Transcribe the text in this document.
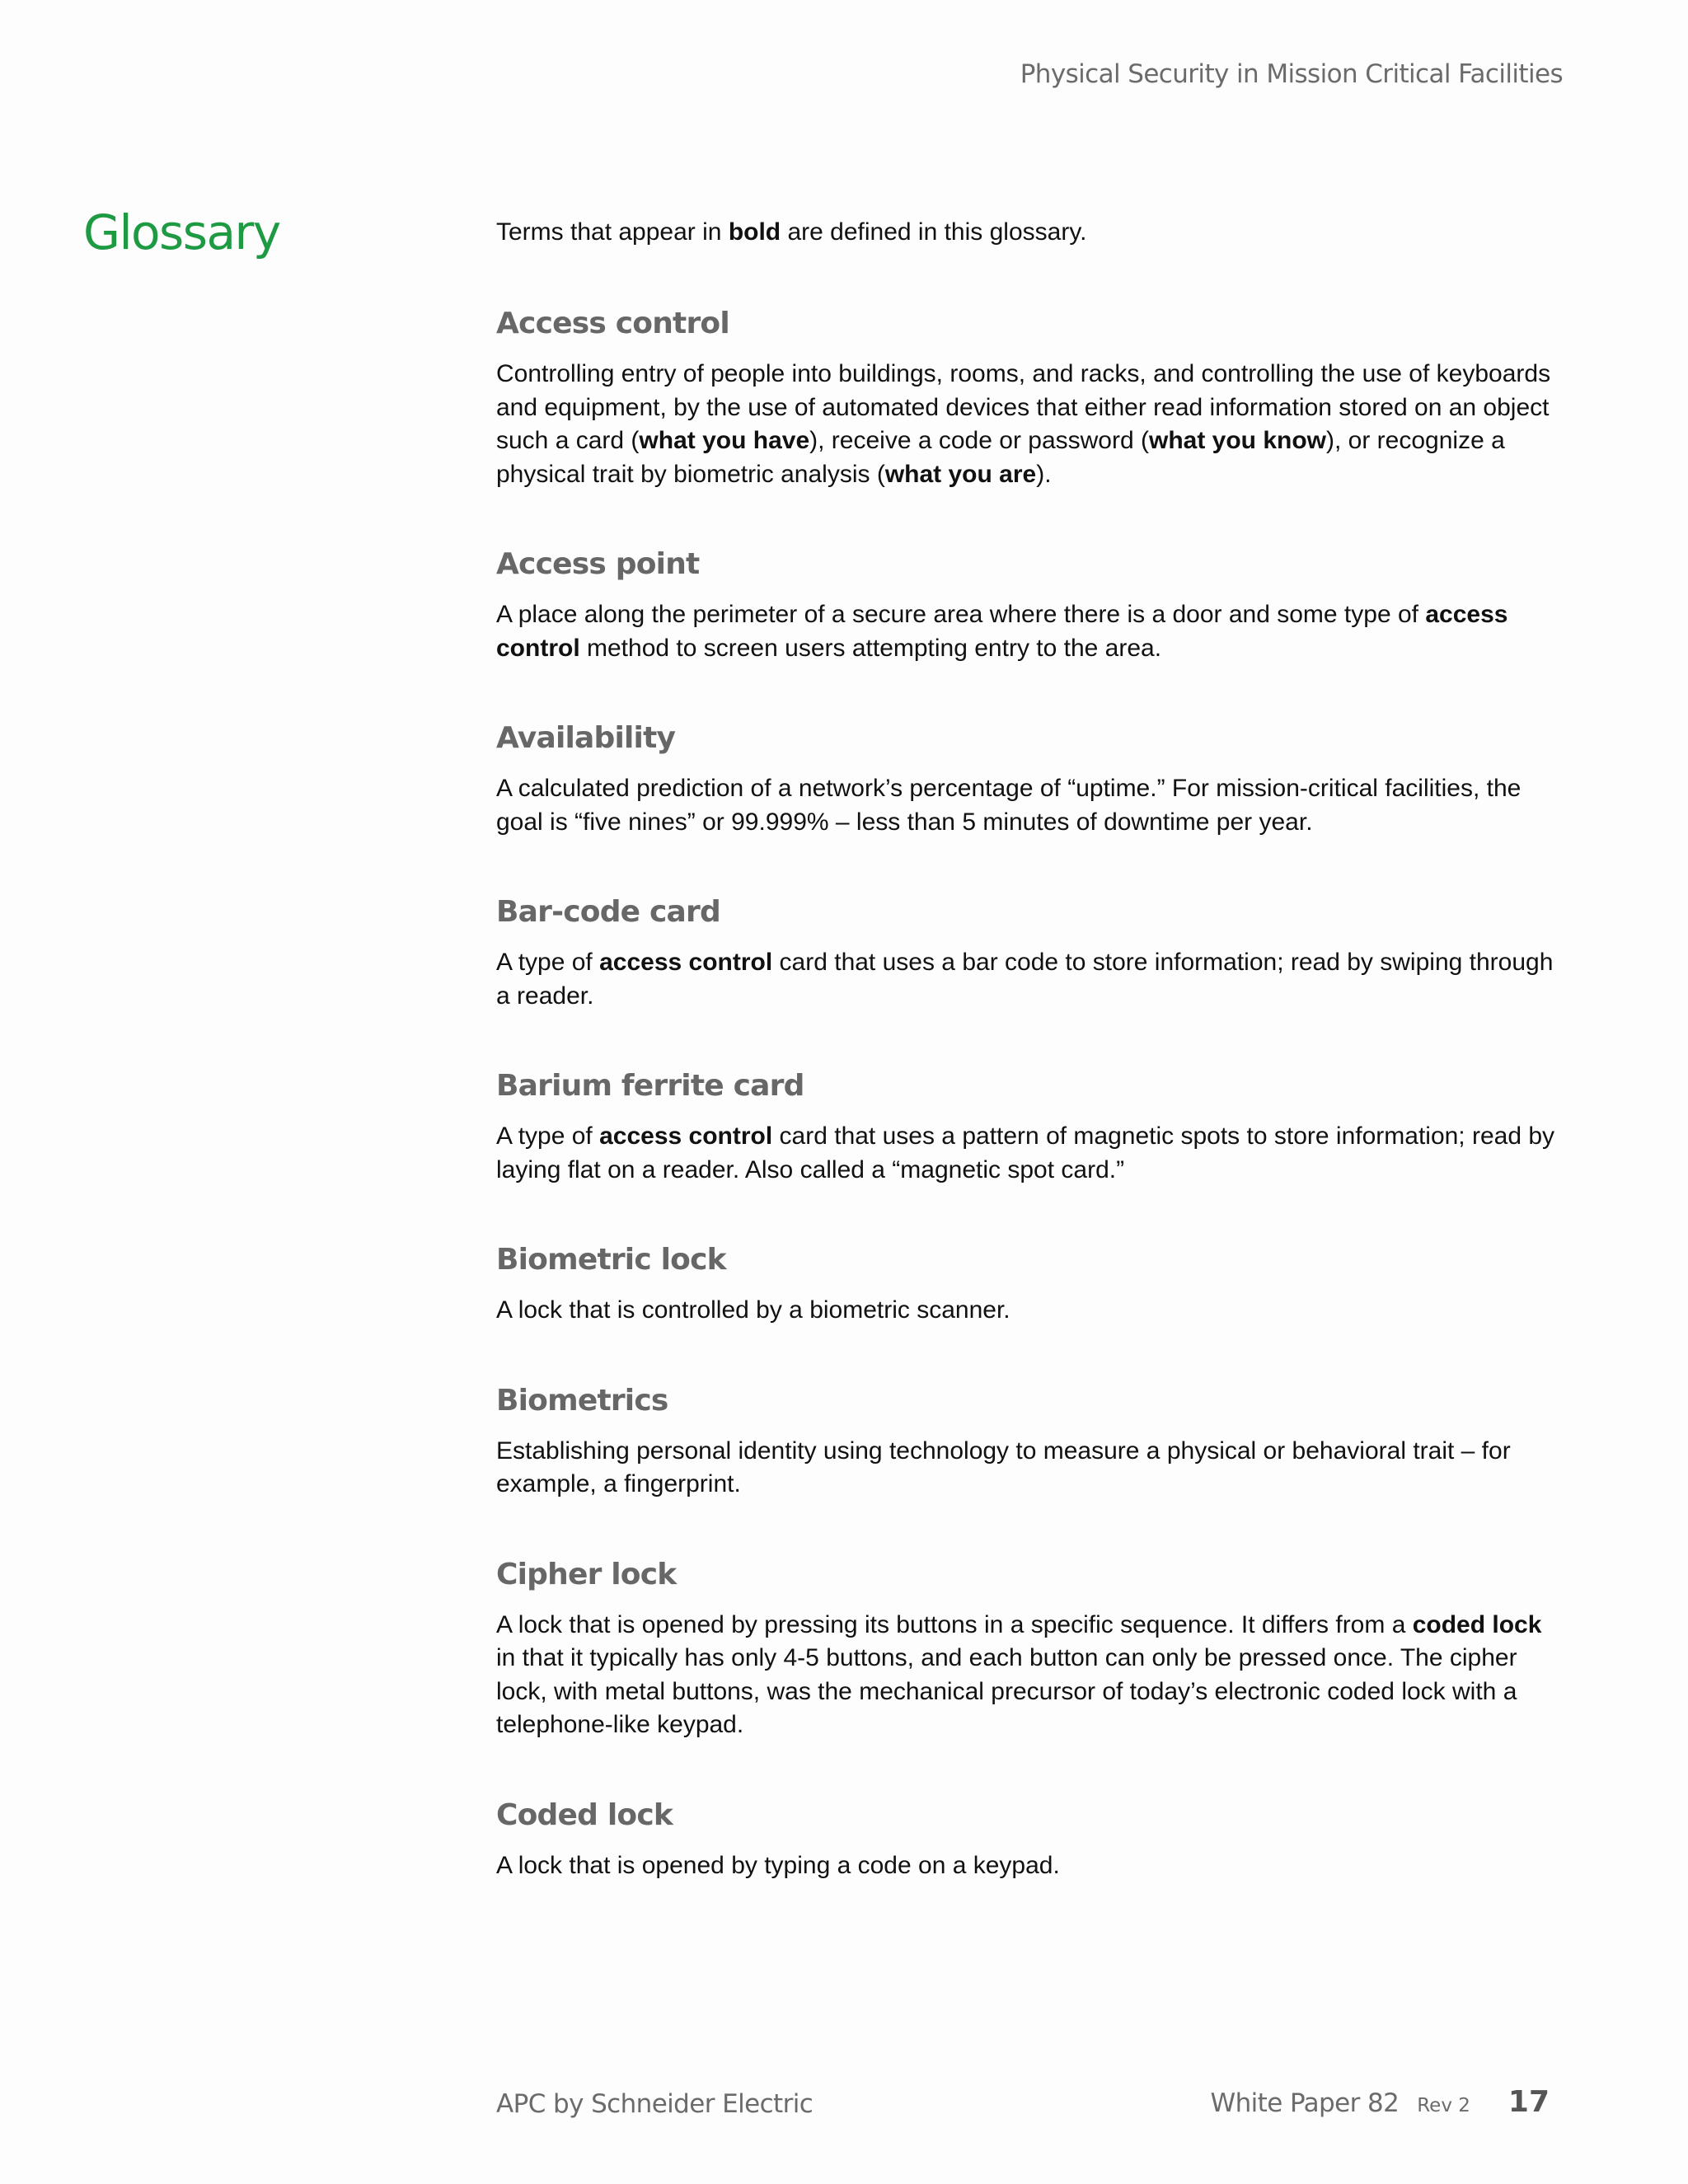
Physical Security in Mission Critical Facilities
Glossary	Terms that appear in bold are defined in this glossary.

Access control

Controlling entry of people into buildings, rooms, and racks, and controlling the use of keyboards and equipment, by the use of automated devices that either read information stored on an object such a card (what you have), receive a code or password (what you know), or recognize a physical trait by biometric analysis (what you are).

Access point

A place along the perimeter of a secure area where there is a door and some type of access control method to screen users attempting entry to the area.

Availability

A calculated prediction of a network’s percentage of “uptime.” For mission-critical facilities, the goal is “five nines” or 99.999% – less than 5 minutes of downtime per year.

Bar-code card

A type of access control card that uses a bar code to store information; read by swiping through a reader.

Barium ferrite card

A type of access control card that uses a pattern of magnetic spots to store information; read by laying flat on a reader. Also called a “magnetic spot card.”

Biometric lock

A lock that is controlled by a biometric scanner.

Biometrics

Establishing personal identity using technology to measure a physical or behavioral trait – for example, a fingerprint.

Cipher lock

A lock that is opened by pressing its buttons in a specific sequence. It differs from a coded lock in that it typically has only 4-5 buttons, and each button can only be pressed once. The cipher lock, with metal buttons, was the mechanical precursor of today’s electronic coded lock with a telephone-like keypad.

Coded lock

A lock that is opened by typing a code on a keypad.

APC by Schneider Electric	White Paper 82 Rev 2 17
